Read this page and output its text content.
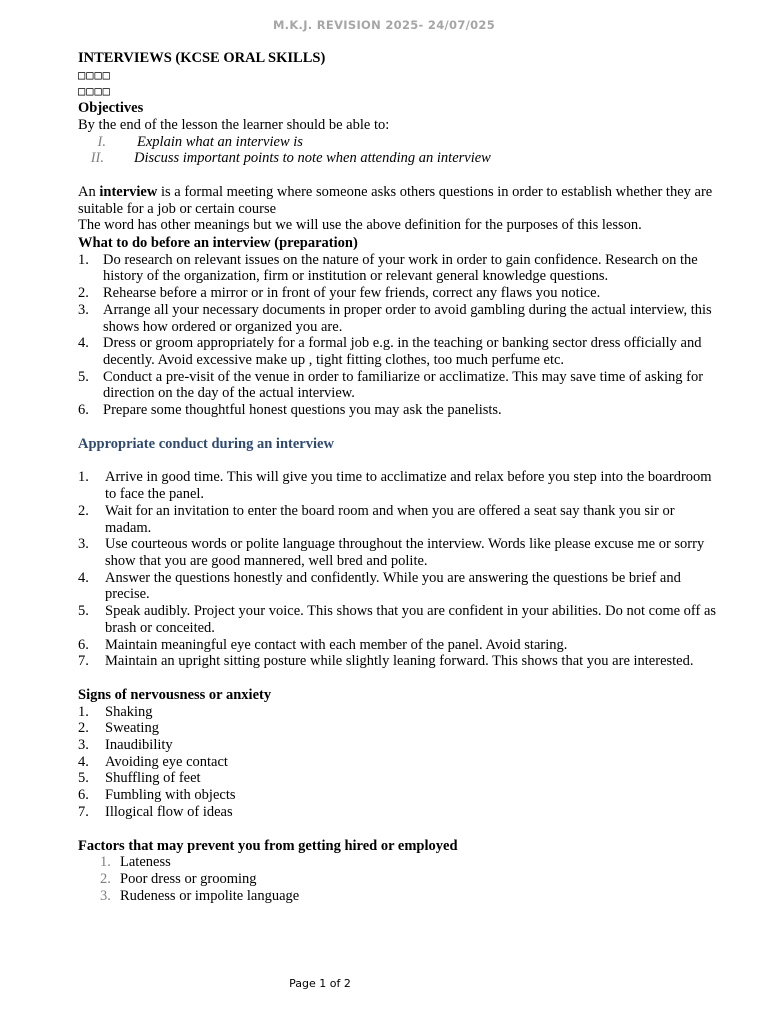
M.K.J. REVISION 2025- 24/07/025
INTERVIEWS (KCSE ORAL SKILLS)
□□□□
□□□□
Objectives
By the end of the lesson the learner should be able to:
I.	Explain what an interview is
II.	Discuss important points to note when attending an interview

An interview is a formal meeting where someone asks others questions in order to establish whether they are suitable for a job or certain course

The word has other meanings but we will use the above definition for the purposes of this lesson.

What to do before an interview (preparation)
1. Do research on relevant issues on the nature of your work in order to gain confidence. Research on the history of the organization, firm or institution or relevant general knowledge questions.
2. Rehearse before a mirror or in front of your few friends, correct any flaws you notice.
3. Arrange all your necessary documents in proper order to avoid gambling during the actual interview, this shows how ordered or organized you are.
4. Dress or groom appropriately for a formal job e.g. in the teaching or banking sector dress officially and decently. Avoid excessive make up , tight fitting clothes, too much perfume etc.
5. Conduct a pre-visit of the venue in order to familiarize or acclimatize. This may save time of asking for direction on the day of the actual interview.
6. Prepare some thoughtful honest questions you may ask the panelists.
Appropriate conduct during an interview
1. Arrive in good time. This will give you time to acclimatize and relax before you step into the boardroom to face the panel.
2. Wait for an invitation to enter the board room and when you are offered a seat say thank you sir or madam.
3. Use courteous words or polite language throughout the interview. Words like please excuse me or sorry show that you are good mannered, well bred and polite.
4. Answer the questions honestly and confidently. While you are answering the questions be brief and precise.
5. Speak audibly. Project your voice. This shows that you are confident in your abilities. Do not come off as brash or conceited.
6. Maintain meaningful eye contact with each member of the panel. Avoid staring.
7. Maintain an upright sitting posture while slightly leaning forward. This shows that you are interested.
Signs of nervousness or anxiety
1. Shaking
2. Sweating
3. Inaudibility
4. Avoiding eye contact
5. Shuffling of feet
6. Fumbling with objects
7. Illogical flow of ideas
Factors that may prevent you from getting hired or employed
1. Lateness
2. Poor dress or grooming
3. Rudeness or impolite language
Page 1 of 2
